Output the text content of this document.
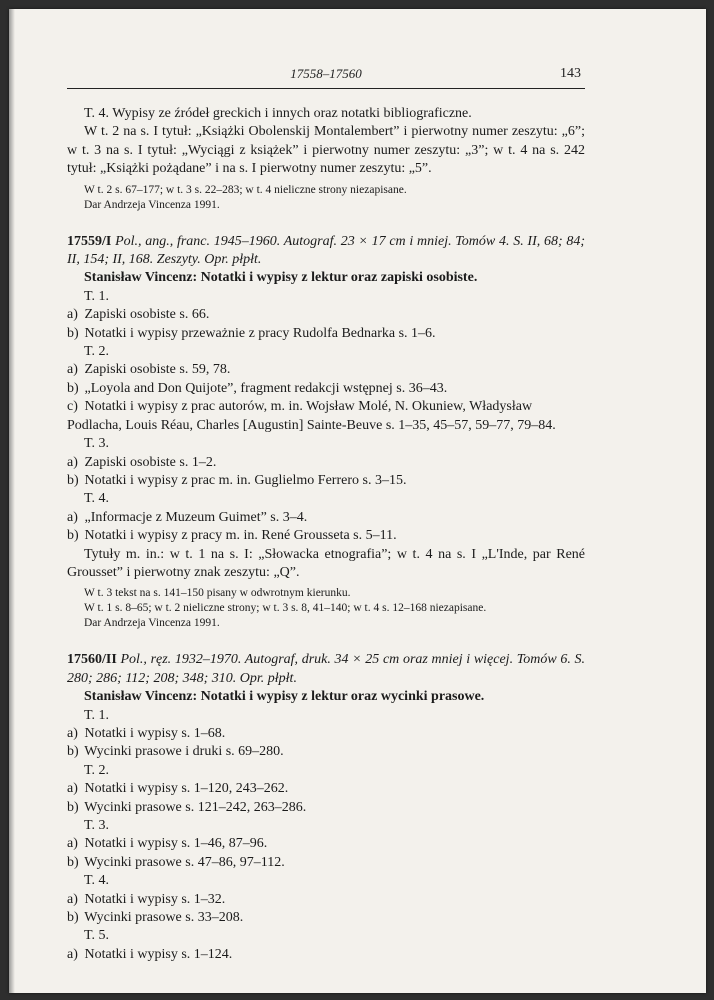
17558–17560	143

T. 4. Wypisy ze źródeł greckich i innych oraz notatki bibliograficzne.

W t. 2 na s. I tytuł: „Książki Obolenskij Montalembert” i pierwotny numer zeszytu: „6”; w t. 3 na s. I tytuł: „Wyciągi z książek” i pierwotny numer zeszytu: „3”; w t. 4 na s. 242 tytuł: „Książki pożądane” i na s. I pierwotny numer zeszytu: „5”.

W t. 2 s. 67–177; w t. 3 s. 22–283; w t. 4 nieliczne strony niezapisane.

Dar Andrzeja Vincenza 1991.

17559/I Pol., ang., franc. 1945–1960. Autograf. 23 × 17 cm i mniej. Tomów 4. S. II, 68; 84; II, 154; II, 168. Zeszyty. Opr. płpłt.

Stanisław Vincenz: Notatki i wypisy z lektur oraz zapiski osobiste.

T. 1.

a) Zapiski osobiste s. 66.

b) Notatki i wypisy przeważnie z pracy Rudolfa Bednarka s. 1–6.

T. 2.

a) Zapiski osobiste s. 59, 78.

b) „Loyola and Don Quijote”, fragment redakcji wstępnej s. 36–43.

c) Notatki i wypisy z prac autorów, m. in. Wojsław Molé, N. Okuniew, Władysław Podlacha, Louis Réau, Charles [Augustin] Sainte-Beuve s. 1–35, 45–57, 59–77, 79–84.

T. 3.

a) Zapiski osobiste s. 1–2.

b) Notatki i wypisy z prac m. in. Guglielmo Ferrero s. 3–15.

T. 4.

a) „Informacje z Muzeum Guimet” s. 3–4.

b) Notatki i wypisy z pracy m. in. René Grousseta s. 5–11.

Tytuły m. in.: w t. 1 na s. I: „Słowacka etnografia”; w t. 4 na s. I „L'Inde, par René Grousset” i pierwotny znak zeszytu: „Q”.

W t. 3 tekst na s. 141–150 pisany w odwrotnym kierunku.

W t. 1 s. 8–65; w t. 2 nieliczne strony; w t. 3 s. 8, 41–140; w t. 4 s. 12–168 niezapisane.

Dar Andrzeja Vincenza 1991.

17560/II Pol., ręz. 1932–1970. Autograf, druk. 34 × 25 cm oraz mniej i więcej. Tomów 6. S. 280; 286; 112; 208; 348; 310. Opr. płpłt.

Stanisław Vincenz: Notatki i wypisy z lektur oraz wycinki prasowe.

T. 1.

a) Notatki i wypisy s. 1–68.

b) Wycinki prasowe i druki s. 69–280.

T. 2.

a) Notatki i wypisy s. 1–120, 243–262.

b) Wycinki prasowe s. 121–242, 263–286.

T. 3.

a) Notatki i wypisy s. 1–46, 87–96.

b) Wycinki prasowe s. 47–86, 97–112.

T. 4.

a) Notatki i wypisy s. 1–32.

b) Wycinki prasowe s. 33–208.

T. 5.

a) Notatki i wypisy s. 1–124.
